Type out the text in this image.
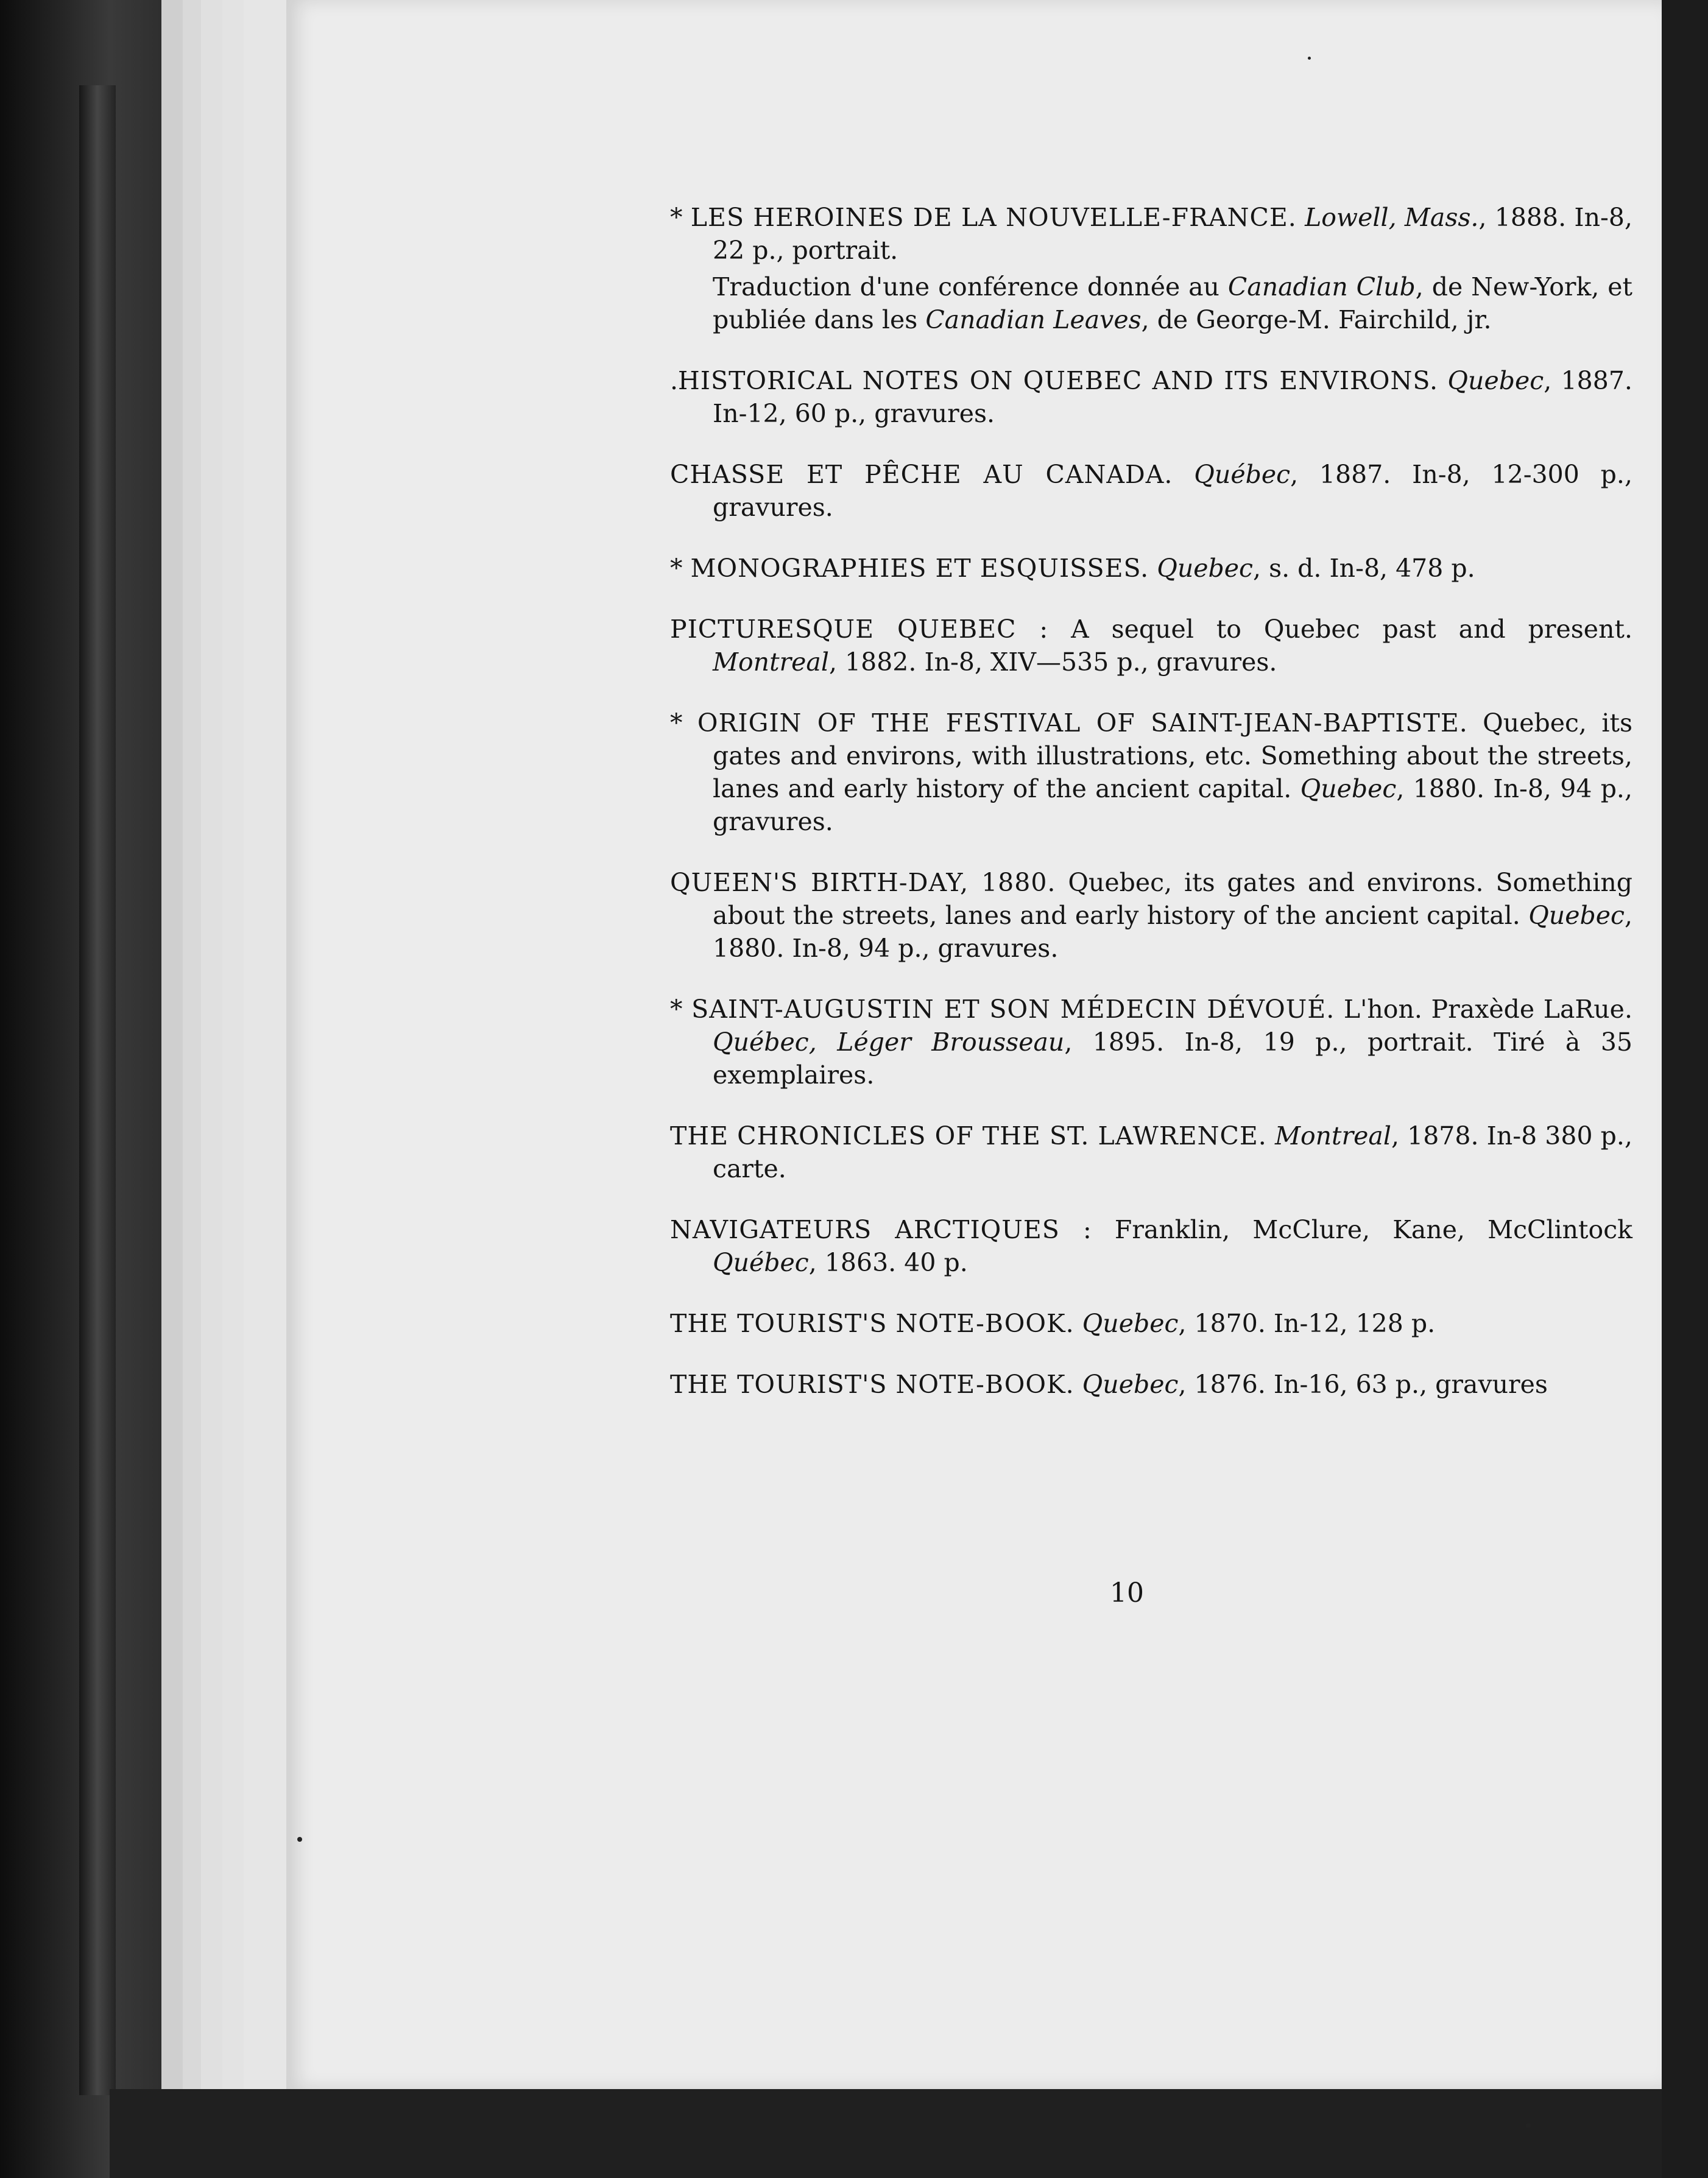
* LES HEROINES DE LA NOUVELLE-FRANCE. Lowell, Mass., 1888. In-8, 22 p., portrait.
Traduction d'une conférence donnée au Canadian Club, de New-York, et publiée dans les Canadian Leaves, de George-M. Fairchild, jr.

.HISTORICAL NOTES ON QUEBEC AND ITS ENVIRONS. Quebec, 1887. In-12, 60 p., gravures.

CHASSE ET PÊCHE AU CANADA. Québec, 1887. In-8, 12-300 p., gravures.

* MONOGRAPHIES ET ESQUISSES. Quebec, s. d. In-8, 478 p.

PICTURESQUE QUEBEC : A sequel to Quebec past and present. Montreal, 1882. In-8, XIV—535 p., gravures.

* ORIGIN OF THE FESTIVAL OF SAINT-JEAN-BAPTISTE. Quebec, its gates and environs, with illustrations, etc. Something about the streets, lanes and early history of the ancient capital. Quebec, 1880. In-8, 94 p., gravures.

QUEEN'S BIRTH-DAY, 1880. Quebec, its gates and environs. Something about the streets, lanes and early history of the ancient capital. Quebec, 1880. In-8, 94 p., gravures.

* SAINT-AUGUSTIN ET SON MÉDECIN DÉVOUÉ. L'hon. Praxède LaRue. Québec, Léger Brousseau, 1895. In-8, 19 p., portrait. Tiré à 35 exemplaires.

THE CHRONICLES OF THE ST. LAWRENCE. Montreal, 1878. In-8 380 p., carte.

NAVIGATEURS ARCTIQUES : Franklin, McClure, Kane, McClintock Québec, 1863. 40 p.

THE TOURIST'S NOTE-BOOK. Quebec, 1870. In-12, 128 p.

THE TOURIST'S NOTE-BOOK. Quebec, 1876. In-16, 63 p., gravures

10
